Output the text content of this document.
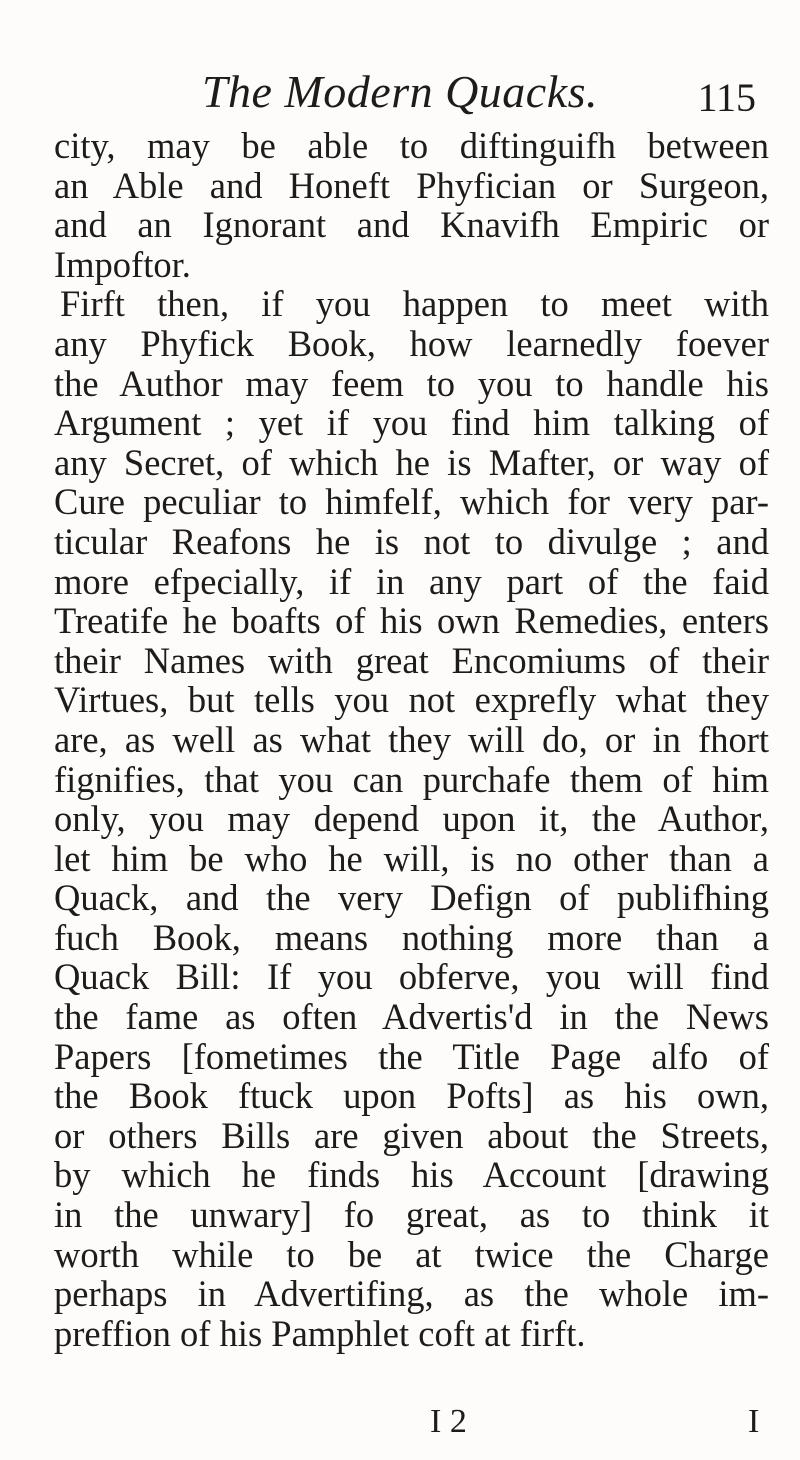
The Modern Quacks.	115
city, may be able to diftinguifh between
an Able and Honeft Phyfician or Surgeon,
and an Ignorant and Knavifh Empiric or
Impoftor.
Firft then, if you happen to meet with
any Phyfick Book, how learnedly foever
the Author may feem to you to handle his
Argument ; yet if you find him talking of
any Secret, of which he is Mafter, or way of
Cure peculiar to himfelf, which for very par-
ticular Reafons he is not to divulge ; and
more efpecially, if in any part of the faid
Treatife he boafts of his own Remedies, enters
their Names with great Encomiums of their
Virtues, but tells you not exprefly what they
are, as well as what they will do, or in fhort
fignifies, that you can purchafe them of him
only, you may depend upon it, the Author,
let him be who he will, is no other than a
Quack, and the very Defign of publifhing
fuch Book, means nothing more than a
Quack Bill: If you obferve, you will find
the fame as often Advertis'd in the News
Papers [fometimes the Title Page alfo of
the Book ftuck upon Pofts] as his own,
or others Bills are given about the Streets,
by which he finds his Account [drawing
in the unwary] fo great, as to think it
worth while to be at twice the Charge
perhaps in Advertifing, as the whole im-
preffion of his Pamphlet coft at firft.
I 2	I
